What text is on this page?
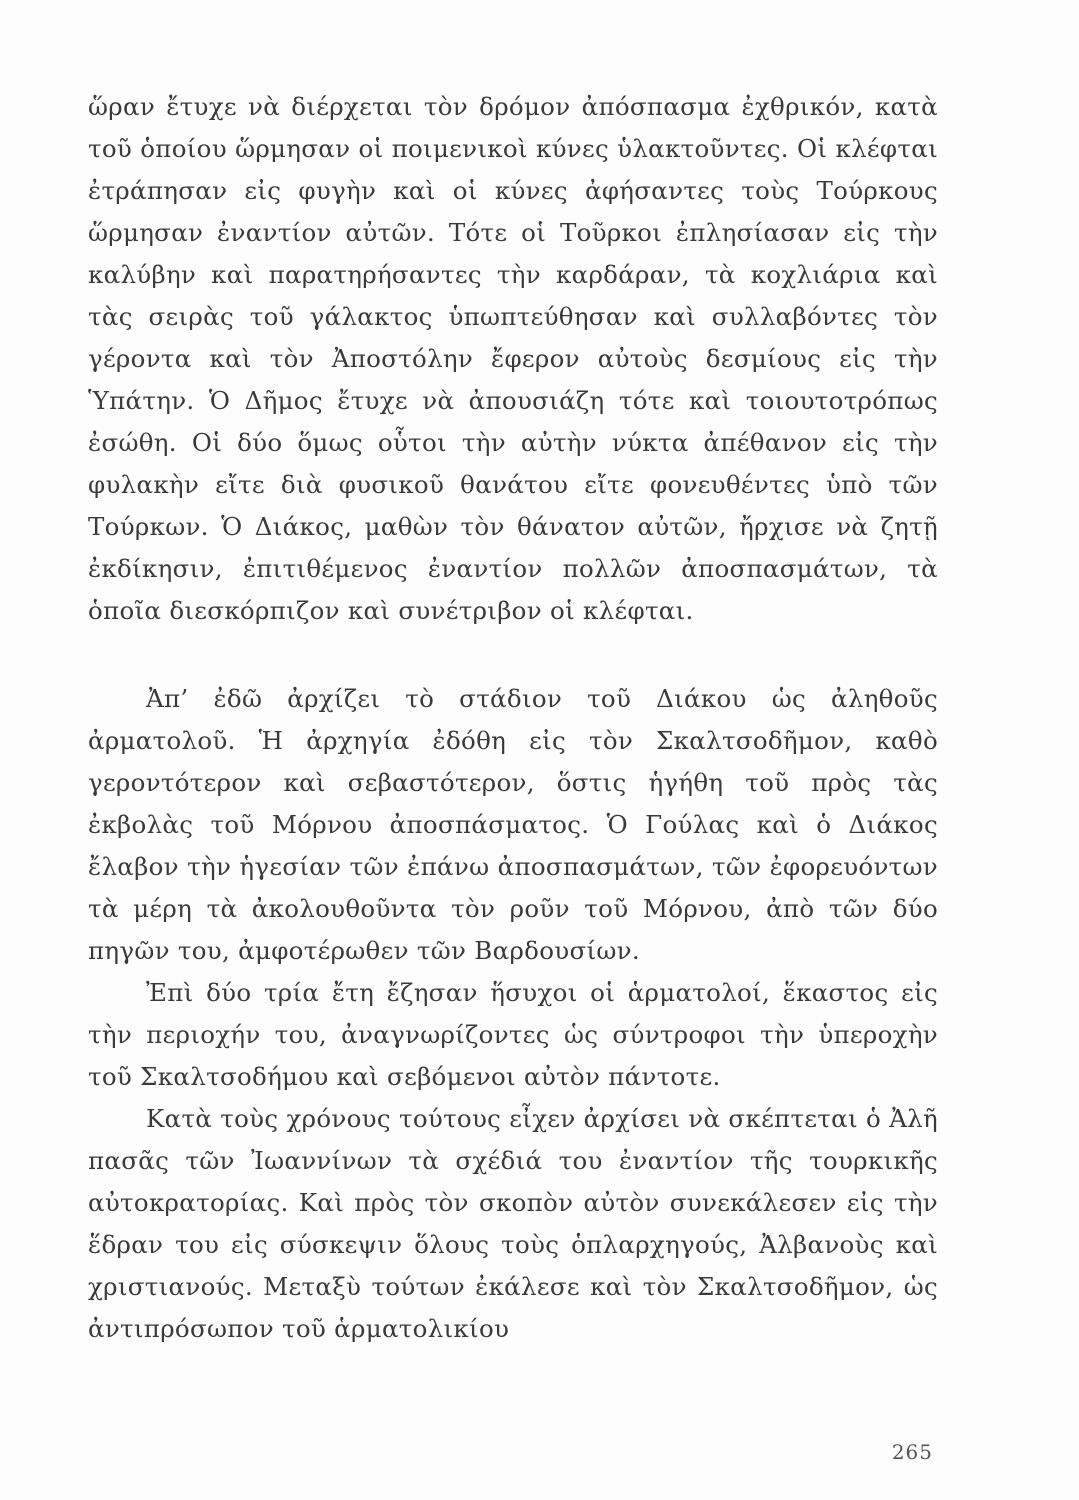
ὥραν ἔτυχε νὰ διέρχεται τὸν δρόμον ἀπόσπασμα ἐχθρικόν, κατὰ τοῦ ὁποίου ὥρμησαν οἱ ποιμενικοὶ κύνες ὑλακτοῦντες. Οἱ κλέφται ἐτράπησαν εἰς φυγὴν καὶ οἱ κύνες ἀφήσαντες τοὺς Τούρκους ὥρμησαν ἐναντίον αὐτῶν. Τότε οἱ Τοῦρκοι ἐπλησίασαν εἰς τὴν καλύβην καὶ παρατηρήσαντες τὴν καρδάραν, τὰ κοχλιάρια καὶ τὰς σειρὰς τοῦ γάλακτος ὑπωπτεύθησαν καὶ συλλαβόντες τὸν γέροντα καὶ τὸν Ἀποστόλην ἔφερον αὐτοὺς δεσμίους εἰς τὴν Ὑπάτην. Ὁ Δῆμος ἔτυχε νὰ ἀπουσιάζη τότε καὶ τοιουτοτρόπως ἐσώθη. Οἱ δύο ὅμως οὗτοι τὴν αὐτὴν νύκτα ἀπέθανον εἰς τὴν φυλακὴν εἴτε διὰ φυσικοῦ θανάτου εἴτε φονευθέντες ὑπὸ τῶν Τούρκων. Ὁ Διάκος, μαθὼν τὸν θάνατον αὐτῶν, ἤρχισε νὰ ζητῇ ἐκδίκησιν, ἐπιτιθέμενος ἐναντίον πολλῶν ἀποσπασμάτων, τὰ ὁποῖα διεσκόρπιζον καὶ συνέτριβον οἱ κλέφται.

Ἀπ’ ἐδῶ ἀρχίζει τὸ στάδιον τοῦ Διάκου ὡς ἀληθοῦς ἀρματολοῦ. Ἡ ἀρχηγία ἐδόθη εἰς τὸν Σκαλτσοδῆμον, καθὸ γεροντότερον καὶ σεβαστότερον, ὅστις ἡγήθη τοῦ πρὸς τὰς ἐκβολὰς τοῦ Μόρνου ἀποσπάσματος. Ὁ Γούλας καὶ ὁ Διάκος ἔλαβον τὴν ἡγεσίαν τῶν ἐπάνω ἀποσπασμάτων, τῶν ἐφορευόντων τὰ μέρη τὰ ἀκολουθοῦντα τὸν ροῦν τοῦ Μόρνου, ἀπὸ τῶν δύο πηγῶν του, ἀμφοτέρωθεν τῶν Βαρδουσίων.

Ἐπὶ δύο τρία ἔτη ἔζησαν ἥσυχοι οἱ ἁρματολοί, ἕκαστος εἰς τὴν περιοχήν του, ἀναγνωρίζοντες ὡς σύντροφοι τὴν ὑπεροχὴν τοῦ Σκαλτσοδήμου καὶ σεβόμενοι αὐτὸν πάντοτε.

Κατὰ τοὺς χρόνους τούτους εἶχεν ἀρχίσει νὰ σκέπτεται ὁ Ἀλῆ πασᾶς τῶν Ἰωαννίνων τὰ σχέδιά του ἐναντίον τῆς τουρκικῆς αὐτοκρατορίας. Καὶ πρὸς τὸν σκοπὸν αὐτὸν συνεκάλεσεν εἰς τὴν ἕδραν του εἰς σύσκεψιν ὅλους τοὺς ὁπλαρχηγούς, Ἀλβανοὺς καὶ χριστιανούς. Μεταξὺ τούτων ἐκάλεσε καὶ τὸν Σκαλτσοδῆμον, ὡς ἀντιπρόσωπον τοῦ ἁρματολικίου

265
